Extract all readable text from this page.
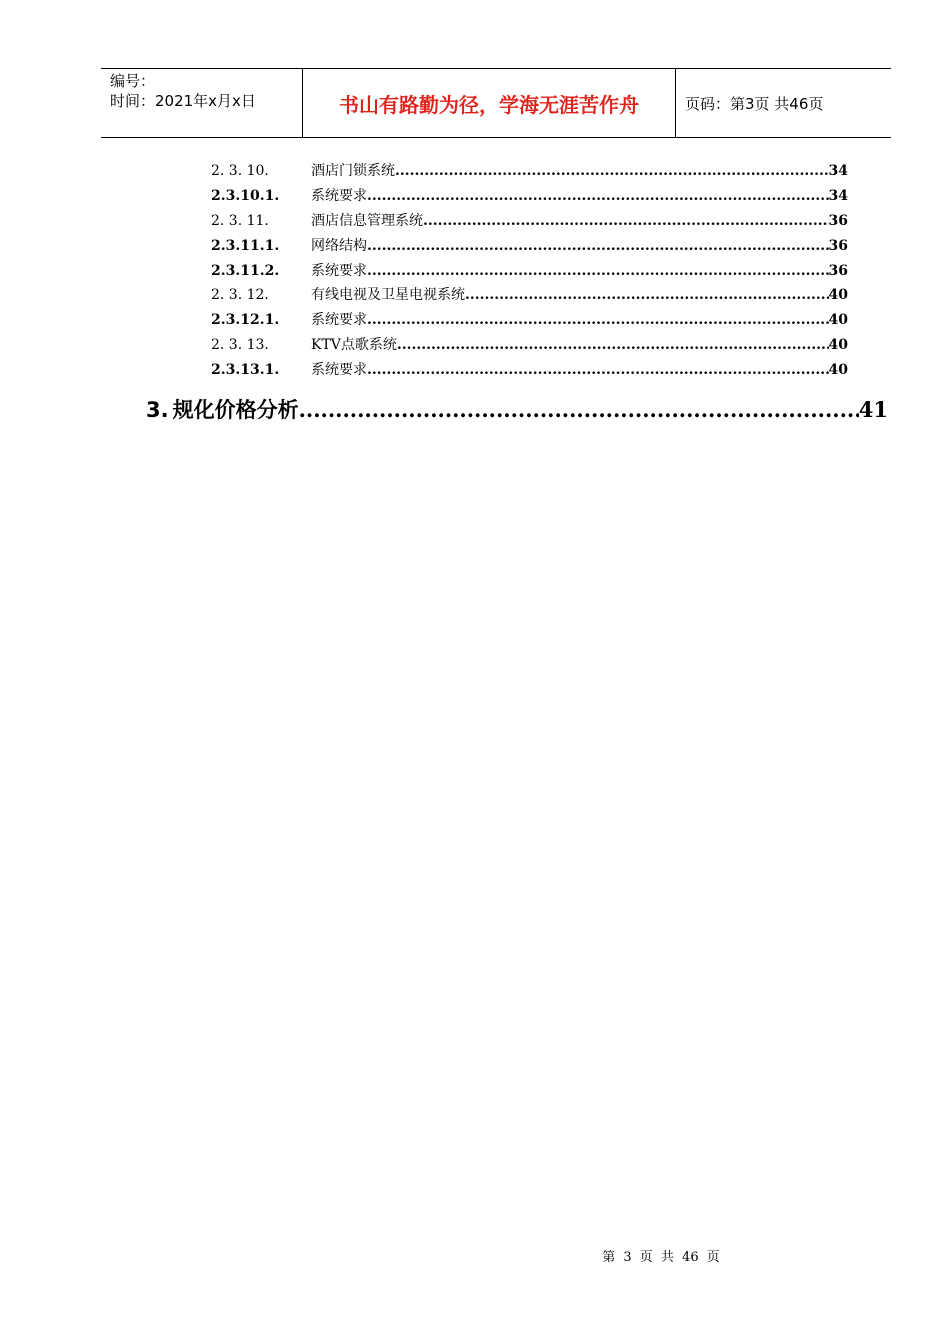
编号：
时间：2021年x月x日	书山有路勤为径，学海无涯苦作舟	页码：第3页 共46页
2. 3. 10.	酒店门锁系统 .....	34
2.3.10.1.	系统要求 .....	34
2. 3. 11.	酒店信息管理系统 .....	36
2.3.11.1.	网络结构 .....	36
2.3.11.2.	系统要求 .....	36
2. 3. 12.	有线电视及卫星电视系统 .....	40
2.3.12.1.	系统要求 .....	40
2. 3. 13.	KTV点歌系统 .....	40
2.3.13.1.	系统要求 .....	40
3. 规化价格分析 .....	41
第 3 页 共 46 页
